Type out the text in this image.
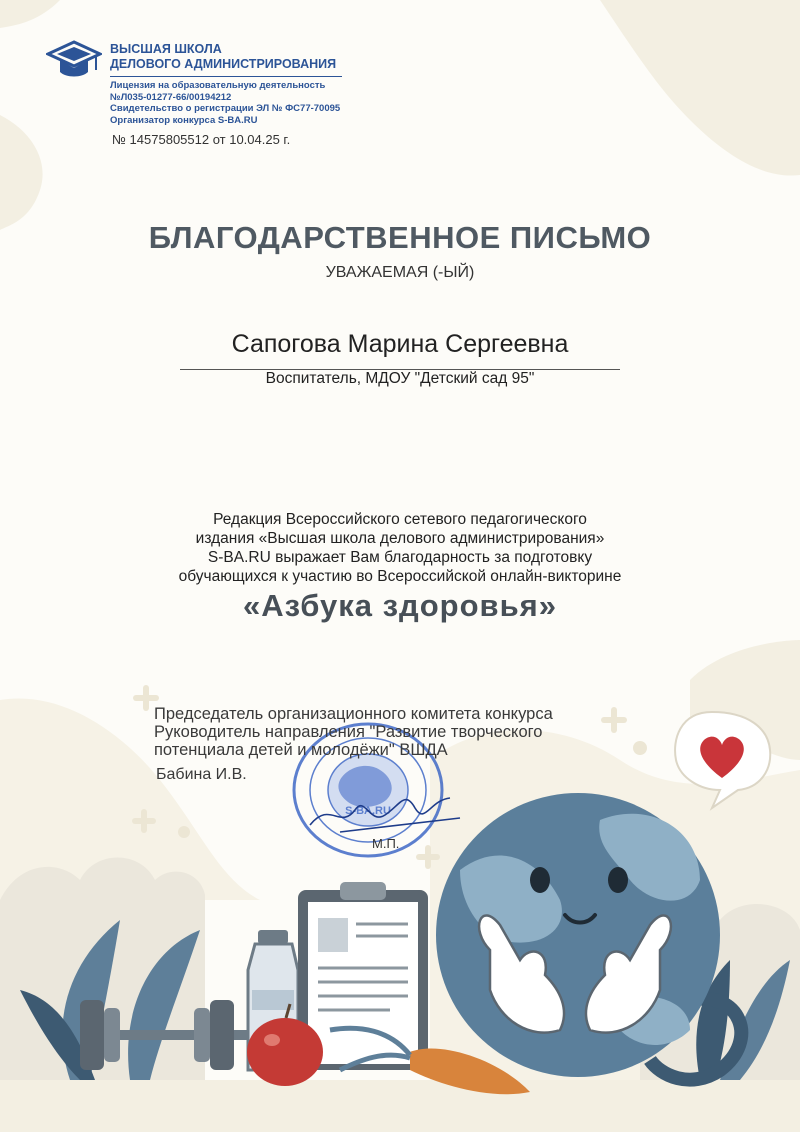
ВЫСШАЯ ШКОЛА
ДЕЛОВОГО АДМИНИСТРИРОВАНИЯ
Лицензия на образовательную деятельность
№Л035-01277-66/00194212
Свидетельство о регистрации ЭЛ № ФС77-70095
Организатор конкурса S-BA.RU
№ 14575805512 от 10.04.25 г.
БЛАГОДАРСТВЕННОЕ ПИСЬМО
УВАЖАЕМАЯ (-ЫЙ)
Сапогова Марина Сергеевна
Воспитатель, МДОУ "Детский сад 95"
Редакция Всероссийского сетевого педагогического
издания «Высшая школа делового администрирования»
S-BA.RU выражает Вам благодарность за подготовку
обучающихся к участию во Всероссийской онлайн-викторине
«Азбука здоровья»
S-BA.RU
Председатель организационного комитета конкурса
Руководитель направления "Развитие творческого
потенциала детей и молодёжи" ВШДА
Бабина И.В.
М.П.
